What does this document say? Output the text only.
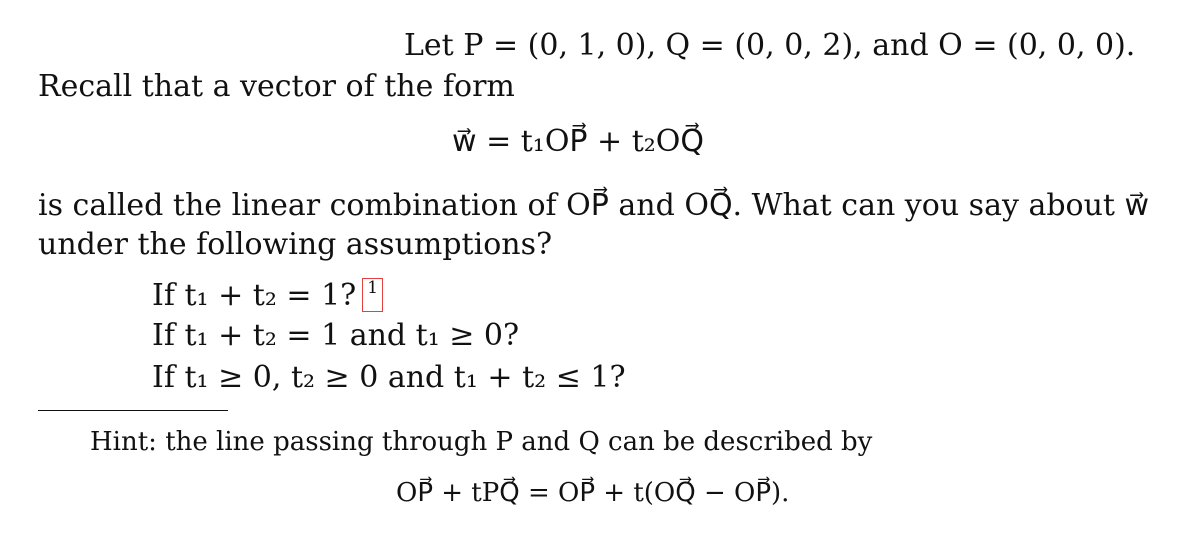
Let P = (0, 1, 0), Q = (0, 0, 2), and O = (0, 0, 0).
Recall that a vector of the form
w⃗ = t₁OP⃗ + t₂OQ⃗
is called the linear combination of OP⃗ and OQ⃗. What can you say about w⃗
under the following assumptions?
If t₁ + t₂ = 1? 1
If t₁ + t₂ = 1 and t₁ ≥ 0?
If t₁ ≥ 0, t₂ ≥ 0 and t₁ + t₂ ≤ 1?
Hint: the line passing through P and Q can be described by
OP⃗ + tPQ⃗ = OP⃗ + t(OQ⃗ − OP⃗).
